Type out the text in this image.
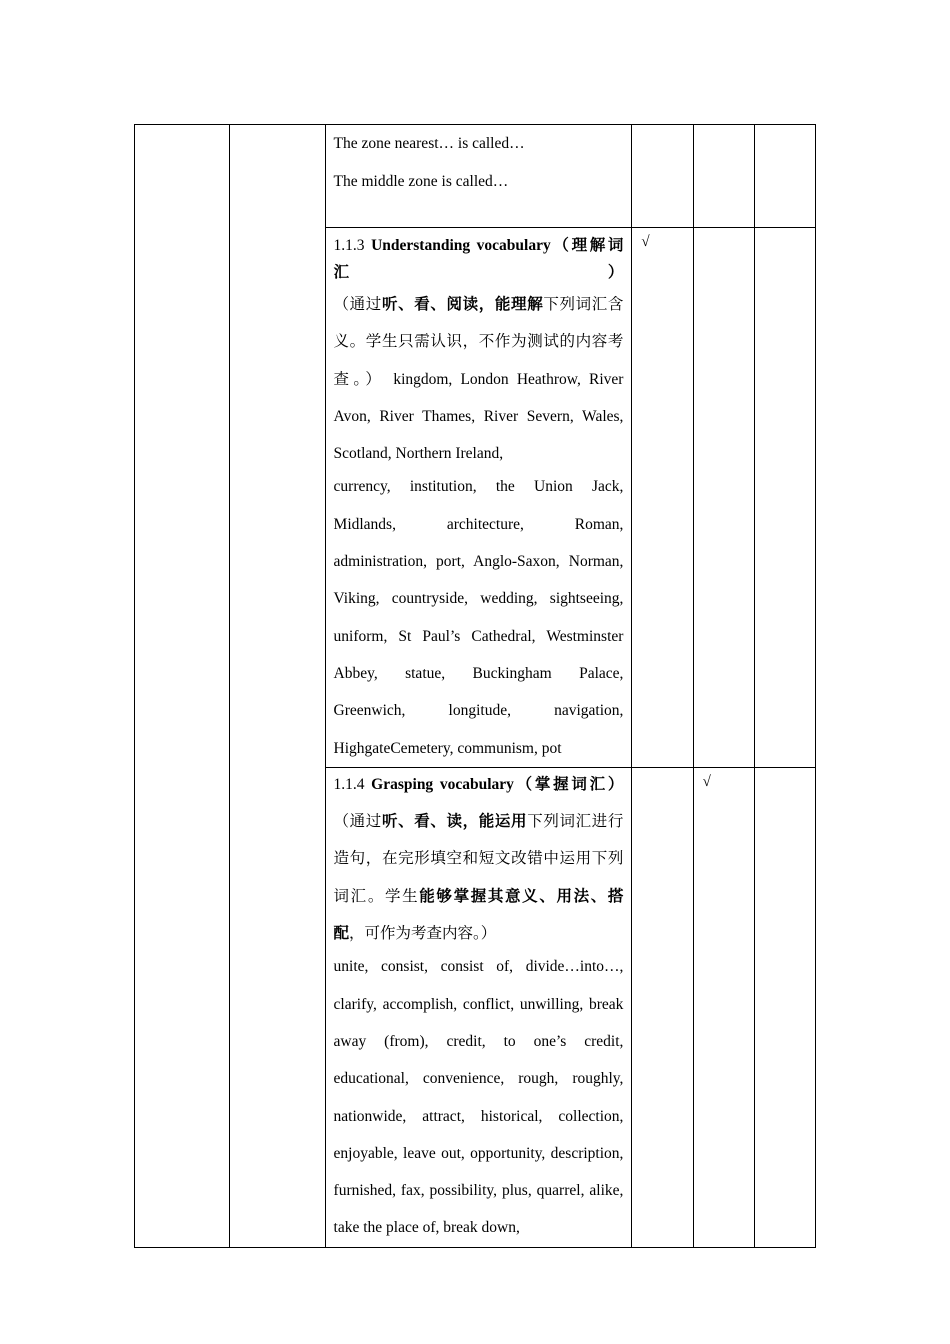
		The zone nearest… is called…
The middle zone is called…			

		1.1.3 Understanding vocabulary（理解词汇）
（通过听、看、阅读，能理解下列词汇含义。学生只需认识，不作为测试的内容考查。） kingdom, London Heathrow, River Avon, River Thames, River Severn, Wales, Scotland, Northern Ireland,
currency, institution, the Union Jack, Midlands, architecture, Roman, administration, port, Anglo-Saxon, Norman, Viking, countryside, wedding, sightseeing, uniform, St Paul’s Cathedral, Westminster Abbey, statue, Buckingham Palace, Greenwich, longitude, navigation, HighgateCemetery, communism, pot	√		

		1.1.4 Grasping vocabulary（掌握词汇）（通过听、看、读，能运用下列词汇进行造句，在完形填空和短文改错中运用下列词汇。学生能够掌握其意义、用法、搭配，可作为考查内容。）
unite, consist, consist of, divide…into…, clarify, accomplish, conflict, unwilling, break away (from), credit, to one’s credit, educational, convenience, rough, roughly, nationwide, attract, historical, collection, enjoyable, leave out, opportunity, description, furnished, fax, possibility, plus, quarrel, alike, take the place of, break down,		√	
